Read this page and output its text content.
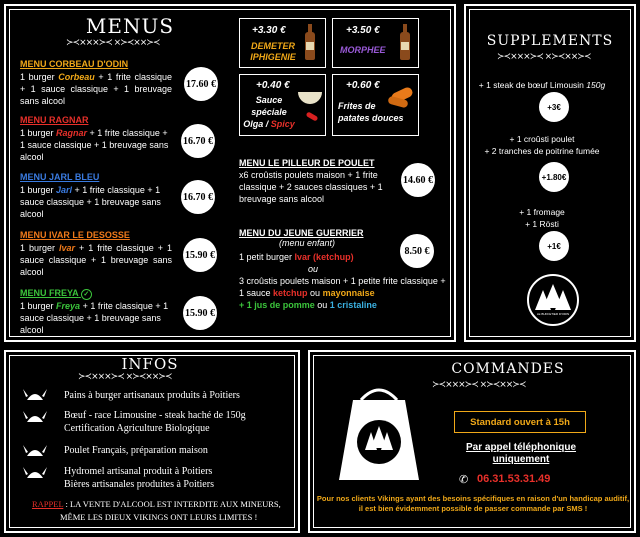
MENUS
≻≺⨯⨯⨯≻≺ ⨯≻≺⨯⨯≻≺
MENU CORBEAU D'ODIN
1 burger Corbeau + 1 frite classique + 1 sauce classique + 1 breuvage sans alcool
17.60 €
MENU RAGNAR
1 burger Ragnar + 1 frite classique + 1 sauce classique + 1 breuvage sans alcool
16.70 €
MENU JARL BLEU
1 burger Jarl + 1 frite classique + 1 sauce classique + 1 breuvage sans alcool
16.70 €
MENU IVAR LE DESOSSE
1 burger Ivar + 1 frite classique + 1 sauce classique + 1 breuvage sans alcool
15.90 €
MENU FREYA ✓
1 burger Freya + 1 frite classique + 1 sauce classique + 1 breuvage sans alcool
15.90 €
+3.30 €
DEMETER
IPHIGENIE
+3.50 €
MORPHEE
+0.40 €
Sauce spéciale
Olga / Spicy
+0.60 €
Frites de
patates douces
MENU LE PILLEUR DE POULET
x6 croûstis poulets maison + 1 frite classique + 2 sauces classiques + 1 breuvage sans alcool
14.60 €
MENU DU JEUNE GUERRIER
(menu enfant)
1 petit burger Ivar (ketchup)
ou
3 croûstis poulets maison + 1 petite frite classique + 1 sauce ketchup ou mayonnaise
+ 1 jus de pomme ou 1 cristaline
8.50 €
SUPPLEMENTS
≻≺⨯⨯⨯≻≺ ⨯≻≺⨯⨯≻≺
+ 1 steak de bœuf Limousin 150g
+3€
+ 1 croûsti poulet
+ 2 tranches de poitrine fumée
+1.80€
+ 1 fromage
+ 1 Rösti
+1€
LE BUFFETIER D'ODIN
INFOS
≻≺⨯⨯⨯≻≺ ⨯≻≺⨯⨯≻≺
Pains à burger artisanaux produits à Poitiers
Bœuf - race Limousine - steak haché de 150g
Certification Agriculture Biologique
Poulet Français, préparation maison
Hydromel artisanal produit à Poitiers
Bières artisanales produites à Poitiers
RAPPEL : LA VENTE D'ALCOOL EST INTERDITE AUX MINEURS,
MÊME LES DIEUX VIKINGS ONT LEURS LIMITES !
COMMANDES
≻≺⨯⨯⨯≻≺ ⨯≻≺⨯⨯≻≺
Standard ouvert à 15h
Par appel téléphonique
uniquement
✆ 06.31.53.31.49
Pour nos clients Vikings ayant des besoins spécifiques en raison d'un handicap auditif, il est bien évidemment possible de passer commande par SMS !
